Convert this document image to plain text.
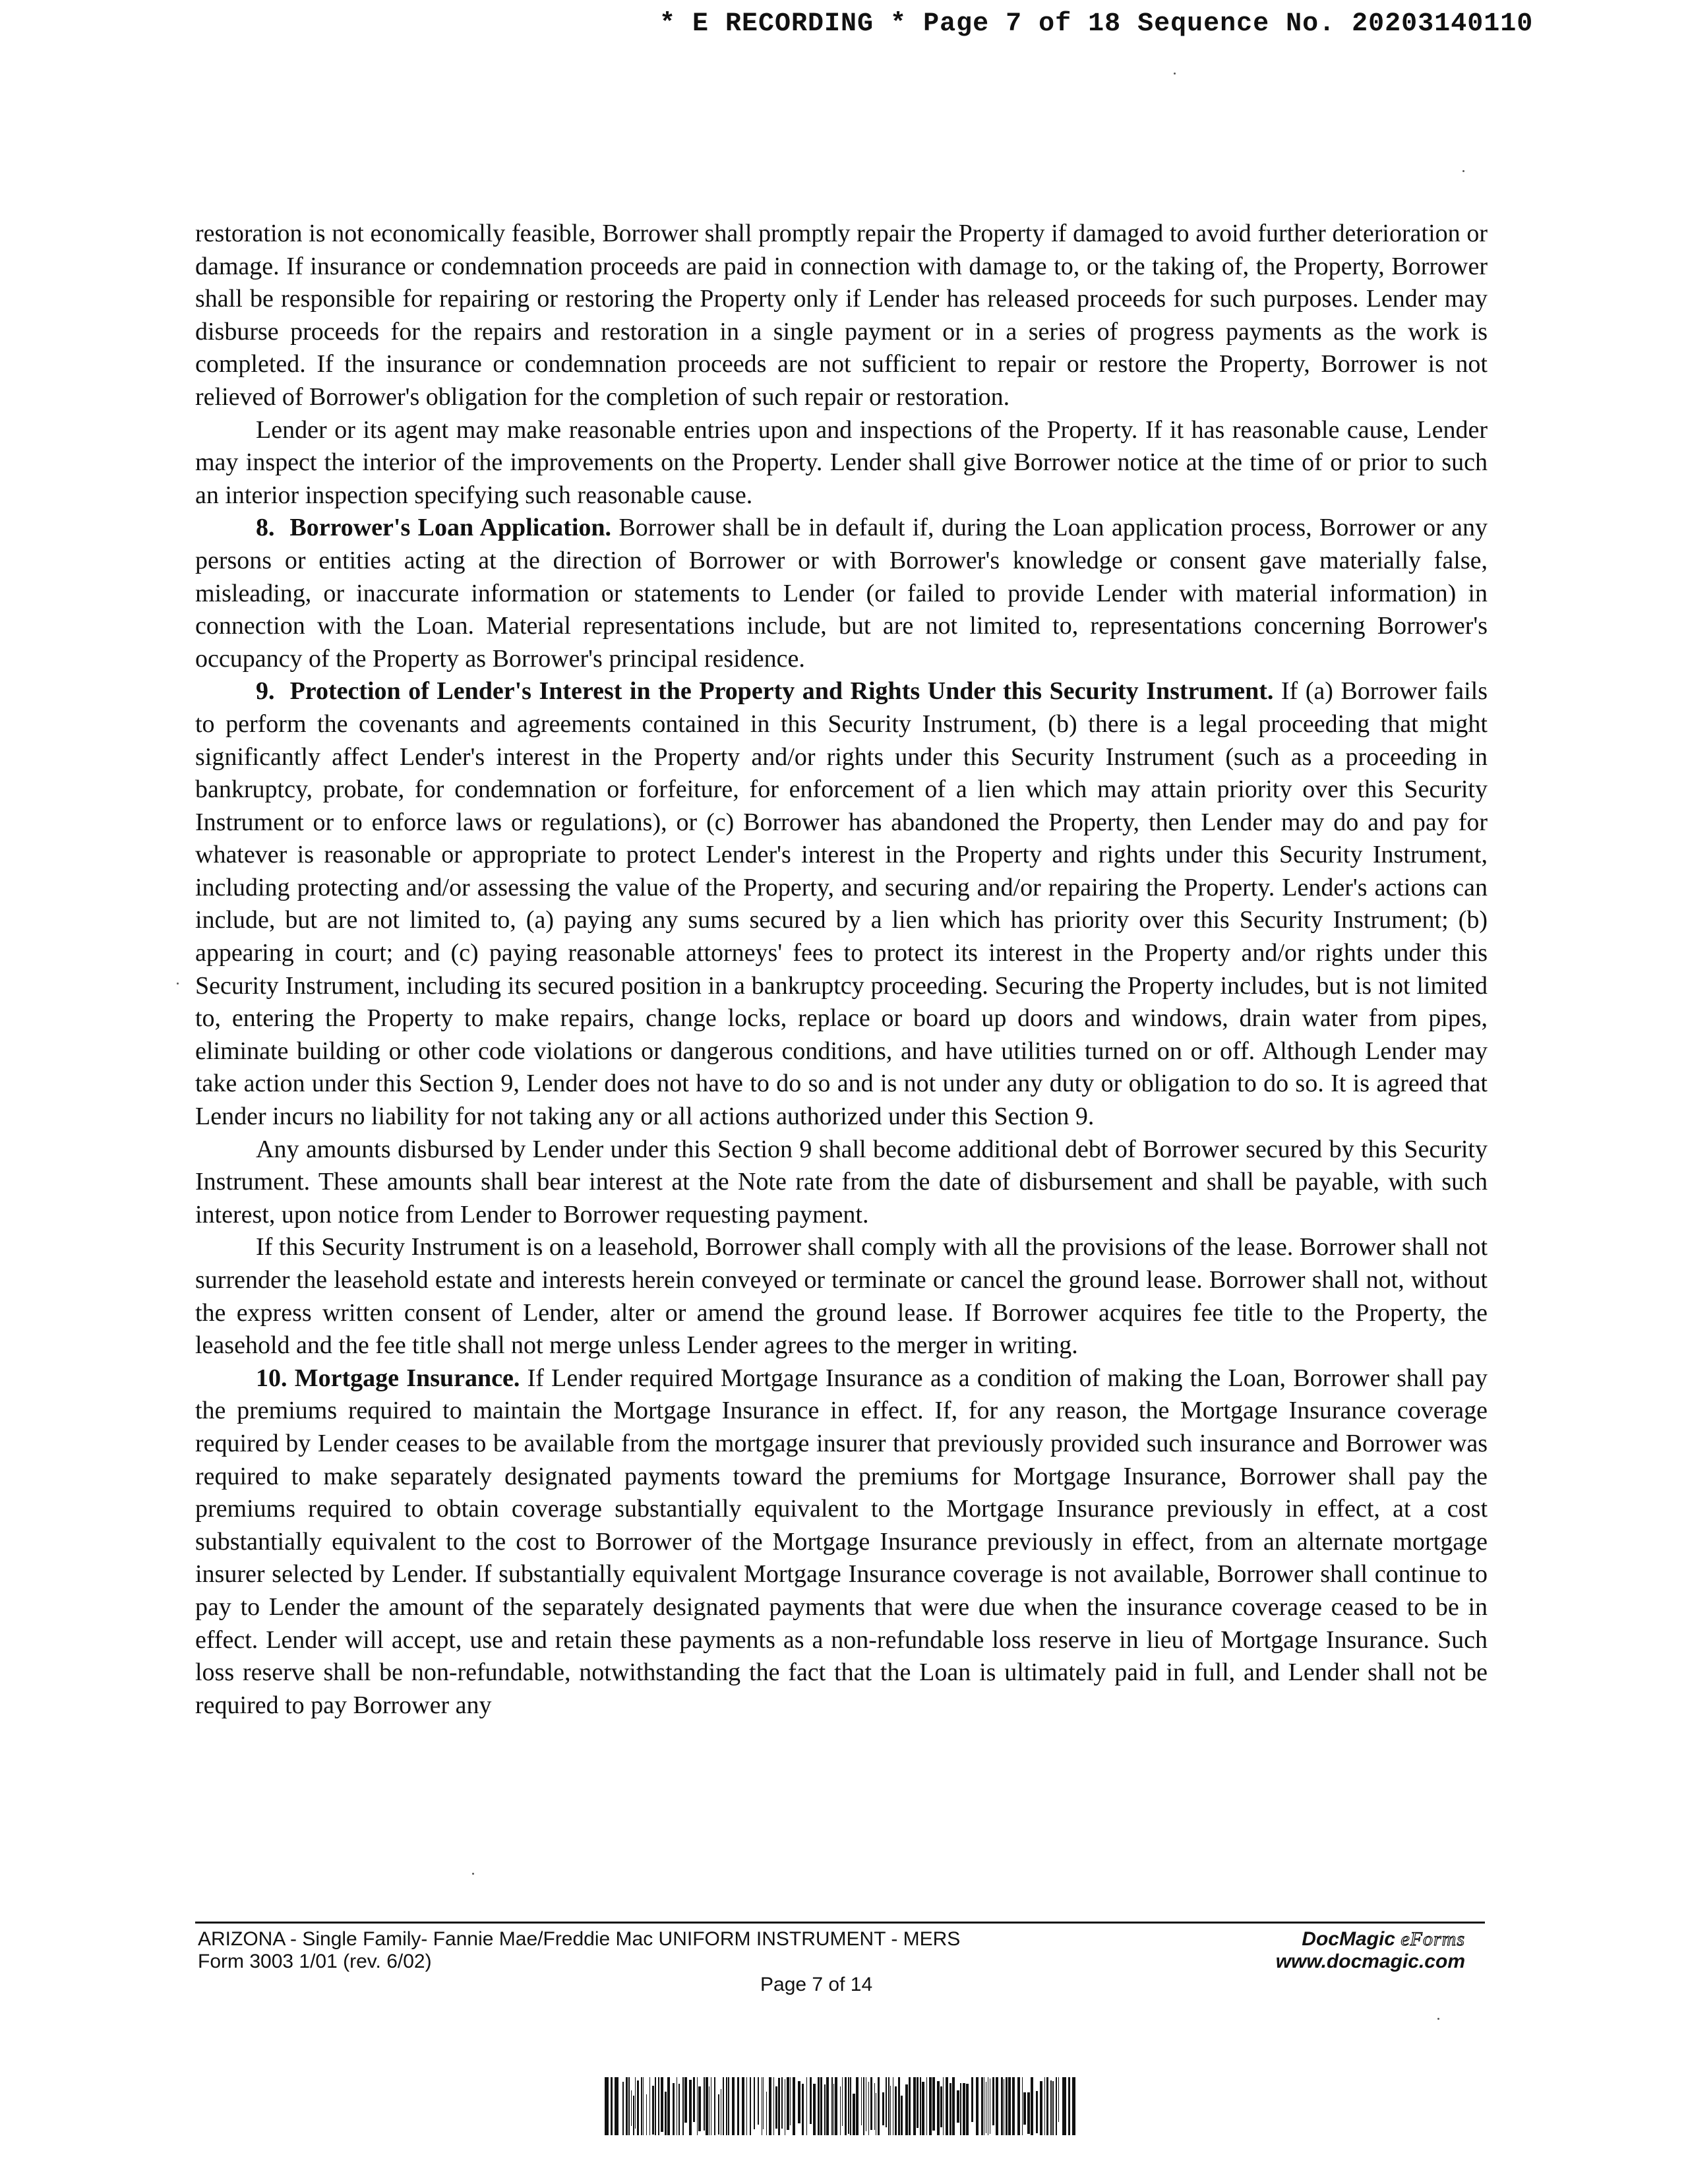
* E RECORDING * Page 7 of 18 Sequence No. 20203140110

restoration is not economically feasible, Borrower shall promptly repair the Property if damaged to avoid further deterioration or damage. If insurance or condemnation proceeds are paid in connection with damage to, or the taking of, the Property, Borrower shall be responsible for repairing or restoring the Property only if Lender has released proceeds for such purposes. Lender may disburse proceeds for the repairs and restoration in a single payment or in a series of progress payments as the work is completed. If the insurance or condemnation proceeds are not sufficient to repair or restore the Property, Borrower is not relieved of Borrower's obligation for the completion of such repair or restoration.

Lender or its agent may make reasonable entries upon and inspections of the Property. If it has reasonable cause, Lender may inspect the interior of the improvements on the Property. Lender shall give Borrower notice at the time of or prior to such an interior inspection specifying such reasonable cause.

8. Borrower's Loan Application. Borrower shall be in default if, during the Loan application process, Borrower or any persons or entities acting at the direction of Borrower or with Borrower's knowledge or consent gave materially false, misleading, or inaccurate information or statements to Lender (or failed to provide Lender with material information) in connection with the Loan. Material representations include, but are not limited to, representations concerning Borrower's occupancy of the Property as Borrower's principal residence.

9. Protection of Lender's Interest in the Property and Rights Under this Security Instrument. If (a) Borrower fails to perform the covenants and agreements contained in this Security Instrument, (b) there is a legal proceeding that might significantly affect Lender's interest in the Property and/or rights under this Security Instrument (such as a proceeding in bankruptcy, probate, for condemnation or forfeiture, for enforcement of a lien which may attain priority over this Security Instrument or to enforce laws or regulations), or (c) Borrower has abandoned the Property, then Lender may do and pay for whatever is reasonable or appropriate to protect Lender's interest in the Property and rights under this Security Instrument, including protecting and/or assessing the value of the Property, and securing and/or repairing the Property. Lender's actions can include, but are not limited to, (a) paying any sums secured by a lien which has priority over this Security Instrument; (b) appearing in court; and (c) paying reasonable attorneys' fees to protect its interest in the Property and/or rights under this Security Instrument, including its secured position in a bankruptcy proceeding. Securing the Property includes, but is not limited to, entering the Property to make repairs, change locks, replace or board up doors and windows, drain water from pipes, eliminate building or other code violations or dangerous conditions, and have utilities turned on or off. Although Lender may take action under this Section 9, Lender does not have to do so and is not under any duty or obligation to do so. It is agreed that Lender incurs no liability for not taking any or all actions authorized under this Section 9.

Any amounts disbursed by Lender under this Section 9 shall become additional debt of Borrower secured by this Security Instrument. These amounts shall bear interest at the Note rate from the date of disbursement and shall be payable, with such interest, upon notice from Lender to Borrower requesting payment.

If this Security Instrument is on a leasehold, Borrower shall comply with all the provisions of the lease. Borrower shall not surrender the leasehold estate and interests herein conveyed or terminate or cancel the ground lease. Borrower shall not, without the express written consent of Lender, alter or amend the ground lease. If Borrower acquires fee title to the Property, the leasehold and the fee title shall not merge unless Lender agrees to the merger in writing.

10. Mortgage Insurance. If Lender required Mortgage Insurance as a condition of making the Loan, Borrower shall pay the premiums required to maintain the Mortgage Insurance in effect. If, for any reason, the Mortgage Insurance coverage required by Lender ceases to be available from the mortgage insurer that previously provided such insurance and Borrower was required to make separately designated payments toward the premiums for Mortgage Insurance, Borrower shall pay the premiums required to obtain coverage substantially equivalent to the Mortgage Insurance previously in effect, at a cost substantially equivalent to the cost to Borrower of the Mortgage Insurance previously in effect, from an alternate mortgage insurer selected by Lender. If substantially equivalent Mortgage Insurance coverage is not available, Borrower shall continue to pay to Lender the amount of the separately designated payments that were due when the insurance coverage ceased to be in effect. Lender will accept, use and retain these payments as a non-refundable loss reserve in lieu of Mortgage Insurance. Such loss reserve shall be non-refundable, notwithstanding the fact that the Loan is ultimately paid in full, and Lender shall not be required to pay Borrower any

ARIZONA - Single Family- Fannie Mae/Freddie Mac UNIFORM INSTRUMENT - MERS
Form 3003 1/01 (rev. 6/02)
DocMagic eForms
www.docmagic.com
Page 7 of 14
